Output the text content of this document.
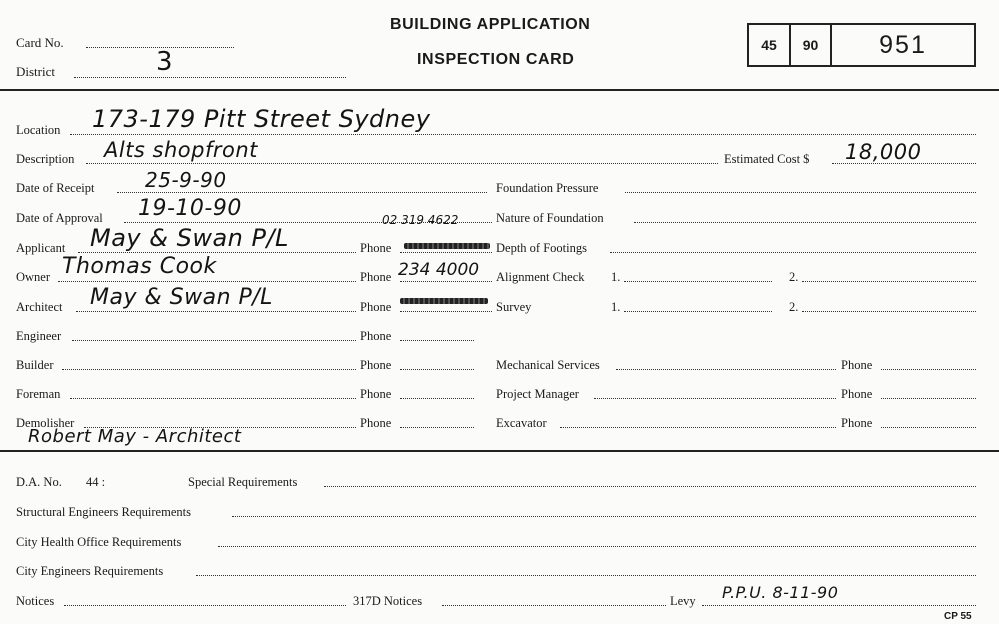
Card No.
District	3
BUILDING APPLICATION
INSPECTION CARD
45 90 951
Location 173-179 Pitt Street Sydney
Description Alts shopfront	Estimated Cost $ 18,000
Date of Receipt	25-9-90	Foundation Pressure
Date of Approval 19-10-90	02 319 4622	Nature of Foundation
Applicant May & Swan P/L	Phone	Depth of Footings
Owner Thomas Cook	Phone 234 4000 Alignment Check 1.	2.
Architect May & Swan P/L	Phone	Survey	1.	2.
Engineer	Phone
Builder	Phone	Mechanical Services	Phone
Foreman	Phone	Project Manager	Phone
Demolisher	Phone	Excavator	Phone
Robert May - Architect
D.A. No. 44 :	Special Requirements
Structural Engineers Requirements
City Health Office Requirements
City Engineers Requirements
Notices	317D Notices	Levy P.P.U. 8-11-90
CP 55
